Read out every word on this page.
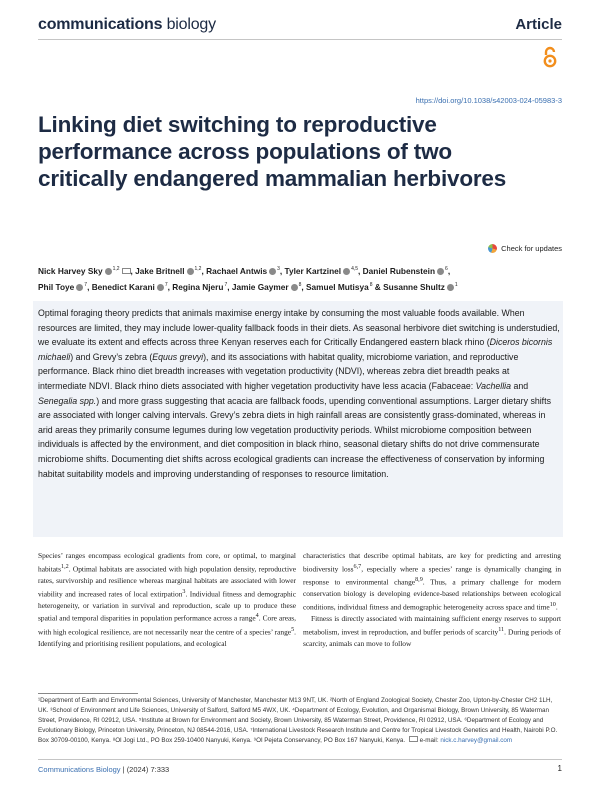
communications biology	Article
https://doi.org/10.1038/s42003-024-05983-3
Linking diet switching to reproductive performance across populations of two critically endangered mammalian herbivores
Check for updates
Nick Harvey Sky $^{1,2}$ , Jake Britnell $^{1,2}$, Rachael Antwis $^3$, Tyler Kartzinel $^{4,5}$, Daniel Rubenstein $^6$,
Phil Toye $^7$, Benedict Karani $^7$, Regina Njeru$^7$, Jamie Gaymer $^8$, Samuel Mutisya$^8$ & Susanne Shultz $^1$

Optimal foraging theory predicts that animals maximise energy intake by consuming the most valuable foods available. When resources are limited, they may include lower-quality fallback foods in their diets. As seasonal herbivore diet switching is understudied, we evaluate its extent and effects across three Kenyan reserves each for Critically Endangered eastern black rhino (Diceros bicornis michaeli) and Grevy’s zebra (Equus grevyi), and its associations with habitat quality, microbiome variation, and reproductive performance. Black rhino diet breadth increases with vegetation productivity (NDVI), whereas zebra diet breadth peaks at intermediate NDVI. Black rhino diets associated with higher vegetation productivity have less acacia (Fabaceae: Vachellia and Senegalia spp.) and more grass suggesting that acacia are fallback foods, upending conventional assumptions. Larger dietary shifts are associated with longer calving intervals. Grevy’s zebra diets in high rainfall areas are consistently grass-dominated, whereas in arid areas they primarily consume legumes during low vegetation productivity periods. Whilst microbiome composition between individuals is affected by the environment, and diet composition in black rhino, seasonal dietary shifts do not drive commensurate microbiome shifts. Documenting diet shifts across ecological gradients can increase the effectiveness of conservation by informing habitat suitability models and improving understanding of responses to resource limitation.

Species’ ranges encompass ecological gradients from core, or optimal, to marginal habitats$^{1,2}$. Optimal habitats are associated with high population density, reproductive rates, survivorship and resilience whereas marginal habitats are associated with lower viability and increased rates of local extirpation$^3$. Individual fitness and demographic heterogeneity, or variation in survival and reproduction, scale up to produce these spatial and temporal disparities in population performance across a range$^4$. Core areas, with high ecological resilience, are not necessarily near the centre of a species’ range$^5$. Identifying and prioritising resilient populations, and ecological

characteristics that describe optimal habitats, are key for predicting and arresting biodiversity loss$^{6,7}$, especially where a species’ range is dynamically changing in response to environmental change$^{8,9}$. Thus, a primary challenge for modern conservation biology is developing evidence-based relationships between ecological conditions, individual fitness and demographic heterogeneity across space and time$^{10}$.

Fitness is directly associated with maintaining sufficient energy reserves to support metabolism, invest in reproduction, and buffer periods of scarcity$^{11}$. During periods of scarcity, animals can move to follow

¹Department of Earth and Environmental Sciences, University of Manchester, Manchester M13 9NT, UK. ²North of England Zoological Society, Chester Zoo, Upton-by-Chester CH2 1LH, UK. ³School of Environment and Life Sciences, University of Salford, Salford M5 4WX, UK. ⁴Department of Ecology, Evolution, and Organismal Biology, Brown University, 85 Waterman Street, Providence, RI 02912, USA. ⁵Institute at Brown for Environment and Society, Brown University, 85 Waterman Street, Providence, RI 02912, USA. ⁶Department of Ecology and Evolutionary Biology, Princeton University, Princeton, NJ 08544-2016, USA. ⁷International Livestock Research Institute and Centre for Tropical Livestock Genetics and Health, Nairobi P.O. Box 30709-00100, Kenya. ⁸Ol Jogi Ltd., PO Box 259-10400 Nanyuki, Kenya. ⁹Ol Pejeta Conservancy, PO Box 167 Nanyuki, Kenya. e-mail: nick.c.harvey@gmail.com

Communications Biology | (2024) 7:333	1
